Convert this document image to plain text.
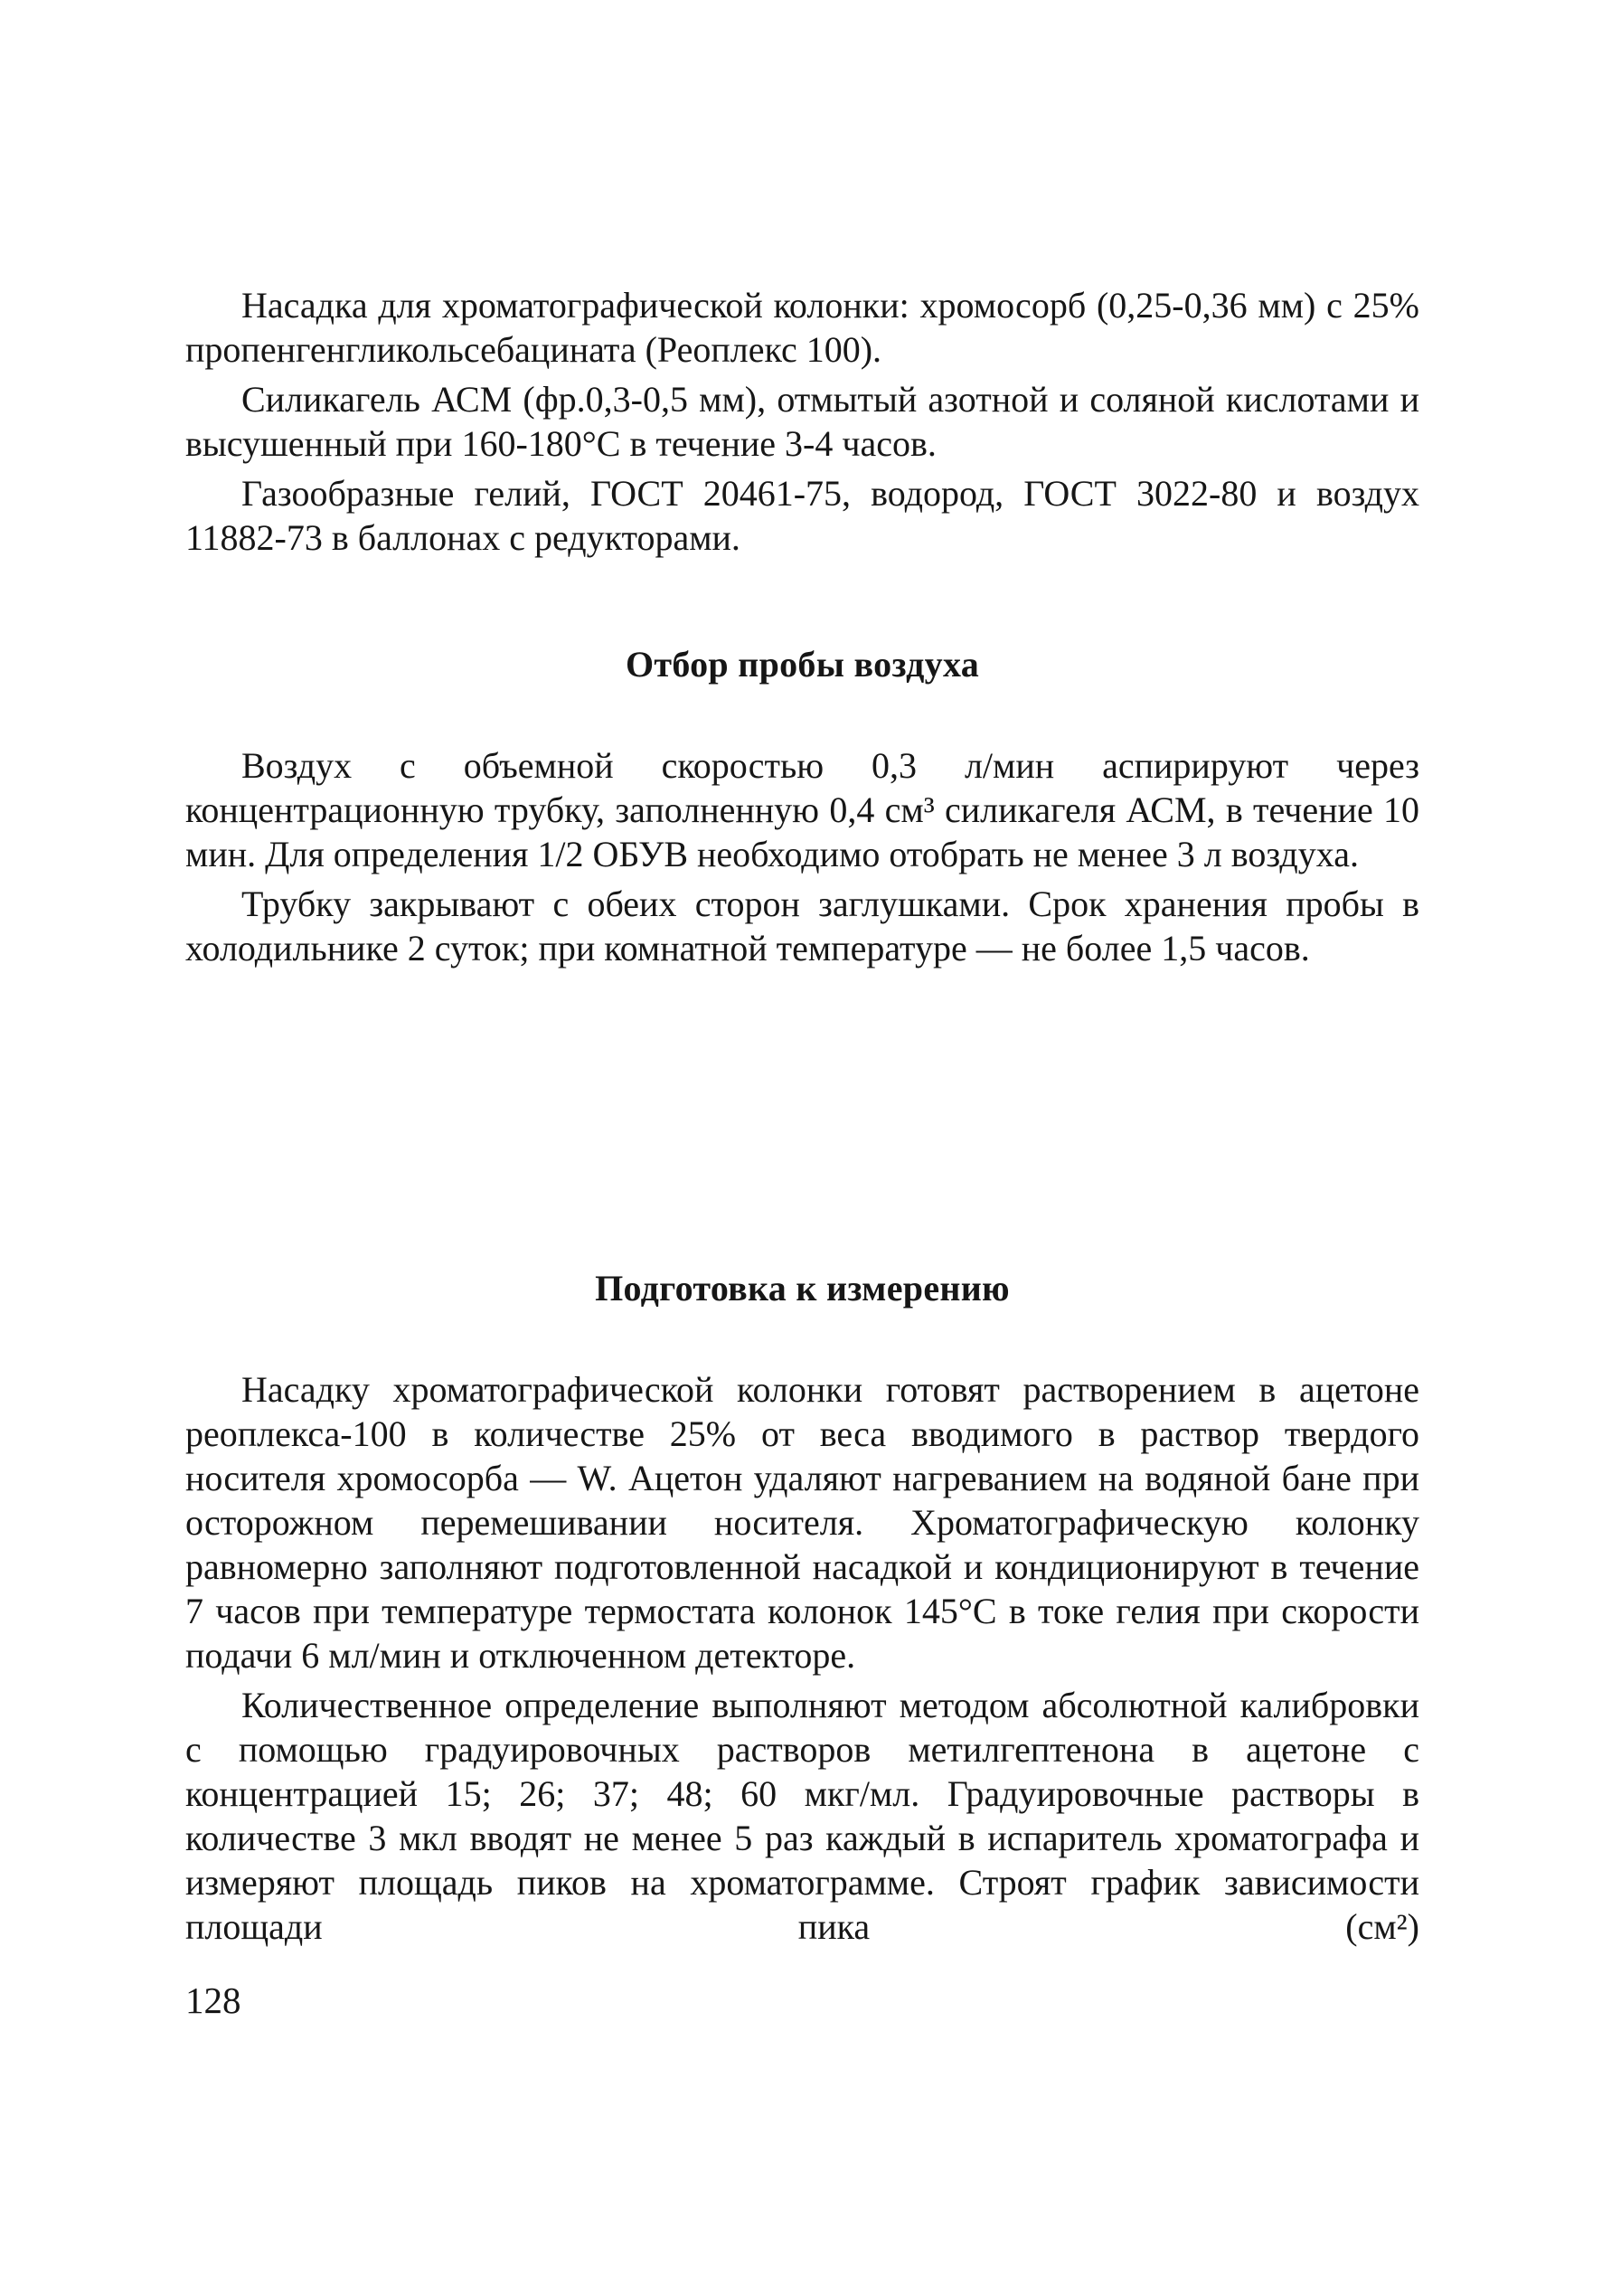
Насадка для хроматографической колонки: хромосорб (0,25-0,36 мм) с 25% пропенгенгликольсебацината (Реоплекс 100).

Силикагель АСМ (фр.0,3-0,5 мм), отмытый азотной и соляной кислотами и высушенный при 160-180°С в течение 3-4 часов.

Газообразные гелий, ГОСТ 20461-75, водород, ГОСТ 3022-80 и воздух 11882-73 в баллонах с редукторами.

Отбор пробы воздуха

Воздух с объемной скоростью 0,3 л/мин аспирируют через концентрационную трубку, заполненную 0,4 см³ силикагеля АСМ, в течение 10 мин. Для определения 1/2 ОБУВ необходимо отобрать не менее 3 л воздуха.

Трубку закрывают с обеих сторон заглушками. Срок хранения пробы в холодильнике 2 суток; при комнатной температуре — не более 1,5 часов.

Подготовка к измерению

Насадку хроматографической колонки готовят растворением в ацетоне реоплекса-100 в количестве 25% от веса вводимого в раствор твердого носителя хромосорба — W. Ацетон удаляют нагреванием на водяной бане при осторожном перемешивании носителя. Хроматографическую колонку равномерно заполняют подготовленной насадкой и кондиционируют в течение 7 часов при температуре термостата колонок 145°С в токе гелия при скорости подачи 6 мл/мин и отключенном детекторе.

Количественное определение выполняют методом абсолютной калибровки с помощью градуировочных растворов метилгептенона в ацетоне с концентрацией 15; 26; 37; 48; 60 мкг/мл. Градуировочные растворы в количестве 3 мкл вводят не менее 5 раз каждый в испаритель хроматографа и измеряют площадь пиков на хроматограмме. Строят график зависимости площади пика (см²)

128
